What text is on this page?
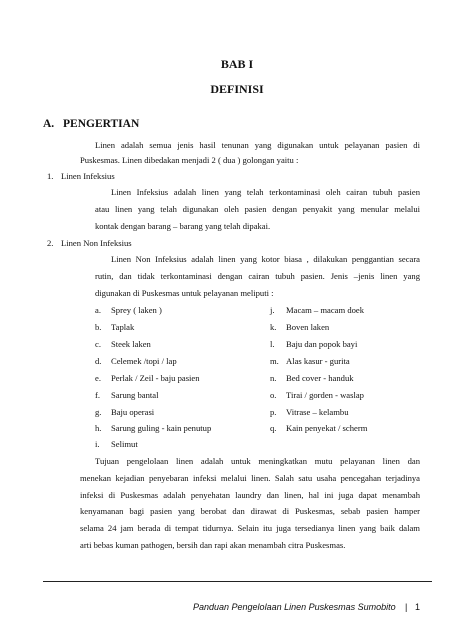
BAB I
DEFINISI
A. PENGERTIAN
Linen adalah semua jenis hasil tenunan yang digunakan untuk pelayanan pasien di
Puskesmas. Linen dibedakan menjadi 2 ( dua ) golongan yaitu :
1. Linen Infeksius
Linen Infeksius adalah linen yang telah terkontaminasi oleh cairan tubuh pasien
atau linen yang telah digunakan oleh pasien dengan penyakit yang menular melalui
kontak dengan barang – barang yang telah dipakai.
2. Linen Non Infeksius
Linen Non Infeksius adalah linen yang kotor biasa , dilakukan penggantian secara
rutin, dan tidak terkontaminasi dengan cairan tubuh pasien. Jenis –jenis linen yang
digunakan di Puskesmas untuk pelayanan meliputi :
a. Sprey ( laken )
b. Taplak
c. Steek laken
d. Celemek /topi / lap
e. Perlak / Zeil - baju pasien
f. Sarung bantal
g. Baju operasi
h. Sarung guling - kain penutup
i. Selimut
j. Macam – macam doek
k. Boven laken
l. Baju dan popok bayi
m. Alas kasur - gurita
n. Bed cover - handuk
o. Tirai / gorden - waslap
p. Vitrase – kelambu
q. Kain penyekat / scherm
Tujuan pengelolaan linen adalah untuk meningkatkan mutu pelayanan linen dan
menekan kejadian penyebaran infeksi melalui linen. Salah satu usaha pencegahan terjadinya
infeksi di Puskesmas adalah penyehatan laundry dan linen, hal ini juga dapat menambah
kenyamanan bagi pasien yang berobat dan dirawat di Puskesmas, sebab pasien hamper
selama 24 jam berada di tempat tidurnya. Selain itu juga tersedianya linen yang baik dalam
arti bebas kuman pathogen, bersih dan rapi akan menambah citra Puskesmas.
Panduan Pengelolaan Linen Puskesmas Sumobito | 1
